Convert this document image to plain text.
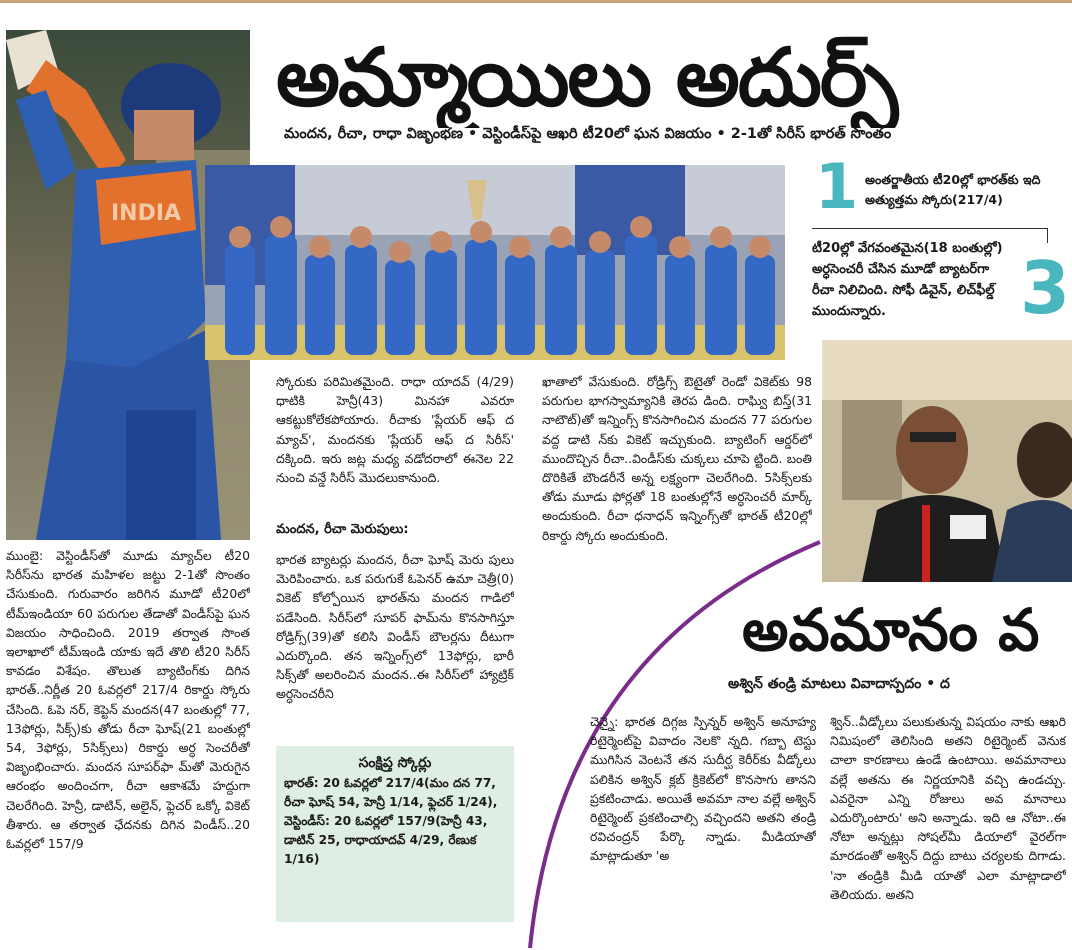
INDIA
అమ్మాయిలు అదుర్స్
మందన, రీచా, రాధా విజృంభణ • వెస్టిండీస్‌పై ఆఖరి టీ20లో ఘన విజయం • 2-1తో సిరీస్ భారత్ సొంతం
1 అంతర్జాతీయ టీ20ల్లో భారత్‌కు ఇది అత్యుత్తమ స్కోరు(217/4)
టీ20ల్లో వేగవంతమైన(18 బంతుల్లో) అర్ధసెంచరీ చేసిన మూడో బ్యాటర్‌గా రీచా నిలిచింది. సోఫీ డివైన్, లిచ్‌ఫీల్డ్ ముందున్నారు.	3
ముంబై: వెస్టిండీస్‌తో మూడు మ్యాచ్‌ల టీ20 సిరీస్‌ను భారత మహిళల జట్టు 2-1తో సొంతం చేసుకుంది. గురువారం జరిగిన మూడో టీ20లో టీమ్‌ఇండియా 60 పరుగుల తేడాతో విండీస్‌పై ఘన విజయం సాధించింది. 2019 తర్వాత సొంత ఇలాఖాలో టీమ్‌ఇండి యాకు ఇదే తొలి టీ20 సిరీస్ కావడం విశేషం. తొలుత బ్యాటింగ్‌కు దిగిన భారత్..నిర్ణీత 20 ఓవర్లలో 217/4 రికార్డు స్కోరు చేసింది. ఓపె నర్, కెప్టెన్ మందన(47 బంతుల్లో 77, 13ఫోర్లు, సిక్స్)కు తోడు రీచా ఘోష్(21 బంతుల్లో 54, 3ఫోర్లు, 5సిక్స్‌లు) రికార్డు అర్ధ సెంచరీతో విజృంభించారు. మందన సూపర్‌ఫా మ్‌తో మెరుగైన ఆరంభం అందించగా, రీచా ఆకాశమే హద్దుగా చెలరేగింది. హెన్రీ, డాటిన్, అలైన్, ఫ్లెచర్ ఒక్కో వికెట్ తీశారు. ఆ తర్వాత ఛేదనకు దిగిన విండీస్..20 ఓవర్లలో 157/9
స్కోరుకు పరిమితమైంది. రాధా యాదవ్ (4/29) ధాటికి హెన్రీ(43) మినహా ఎవరూ ఆకట్టుకోలేకపోయారు. రీచాకు 'ప్లేయర్ ఆఫ్ ద మ్యాచ్', మందనకు 'ప్లేయర్ ఆఫ్ ద సిరీస్' దక్కింది. ఇరు జట్ల మధ్య వడోదరాలో ఈనెల 22 నుంచి వన్డే సిరీస్ మొదలుకానుంది.
మందన, రీచా మెరుపులు:
భారత బ్యాటర్లు మందన, రీచా ఘోష్ మెరు పులు మెరిపించారు. ఒక పరుగుకే ఓపెనర్ ఉమా చెత్రీ(0) వికెట్ కోల్పోయిన భారత్‌ను మందన గాడిలో పడేసింది. సిరీస్‌లో సూపర్ ఫామ్‌ను కొనసాగిస్తూ రోడ్రిగ్స్(39)తో కలిసి విండీస్ బౌలర్లను దీటుగా ఎదుర్కొంది. తన ఇన్నింగ్స్‌లో 13ఫోర్లు, భారీ సిక్స్‌తో అలరించిన మందన..ఈ సిరీస్‌లో హ్యాట్రిక్ అర్ధసెంచరీని
ఖాతాలో వేసుకుంది. రోడ్రిగ్స్ ఔటైతో రెండో వికెట్‌కు 98 పరుగుల భాగస్వామ్యానికి తెరప డింది. రాఘ్వి బిస్త్(31 నాటౌట్)తో ఇన్నింగ్స్ కొనసాగించిన మందన 77 పరుగుల వద్ద డాటి న్‌కు వికెట్ ఇచ్చుకుంది. బ్యాటింగ్ ఆర్డర్‌లో ముందొచ్చిన రీచా..విండీస్‌కు చుక్కలు చూపె ట్టింది. బంతి దొరికితే బౌండరీనే అన్న లక్ష్యంగా చెలరేగింది. 5సిక్స్‌లకు తోడు మూడు ఫోర్లతో 18 బంతుల్లోనే అర్ధసెంచరీ మార్క్ అందుకుంది. రీచా ధనాధన్ ఇన్నింగ్స్‌తో భారత్ టీ20ల్లో రికార్డు స్కోరు అందుకుంది.
సంక్షిప్త స్కోర్లు
భారత్: 20 ఓవర్లలో 217/4(మం దన 77, రీచా ఘోష్ 54, హెన్రీ 1/14, ఫ్లెచర్ 1/24), వెస్టిండీస్: 20 ఓవర్లలో 157/9(హెన్రీ 43, డాటిన్ 25, రాధాయాదవ్ 4/29, రేణుక 1/16)
అవమానం వ
అశ్విన్ తండ్రి మాటలు వివాదాస్పదం • ద
చెన్నై: భారత దిగ్గజ స్పిన్నర్ అశ్విన్ అనూహ్య రిటైర్మెంట్‌పై వివాదం నెలకొ న్నది. గబ్బా టెస్టు ముగిసిన వెంటనే తన సుదీర్ఘ కెరీర్‌కు వీడ్కోలు పలికిన అశ్విన్ క్లబ్ క్రికెట్‌లో కొనసాగు తానని ప్రకటించాడు. అయితే అవమా నాల వల్లే అశ్విన్ రిటైర్మెంట్ ప్రకటించాల్సి వచ్చిందని అతని తండ్రి రవిచంద్రన్ పేర్కొ న్నాడు. మీడియాతో మాట్లాడుతూ 'అ
శ్విన్..వీడ్కోలు పలుకుతున్న విషయం నాకు ఆఖరి నిమిషంలో తెలిసింది అతని రిటైర్మెంట్ వెనుక చాలా కారణాలు ఉండే ఉంటాయి. అవమానాలు వల్లే అతను ఈ నిర్ణయానికి వచ్చి ఉండచ్చు. ఎవరైనా ఎన్ని రోజులు అవ మానాలు ఎదుర్కొంటారు' అని అన్నాడు. ఇది ఆ నోటా..ఈ నోటా అన్నట్లు సోషల్‌మీ డియాలో వైరల్‌గా మారడంతో అశ్విన్ దిద్దు బాటు చర్యలకు దిగాడు. 'నా తండ్రికి మీడి యాతో ఎలా మాట్లాడాలో తెలియదు. అతని
